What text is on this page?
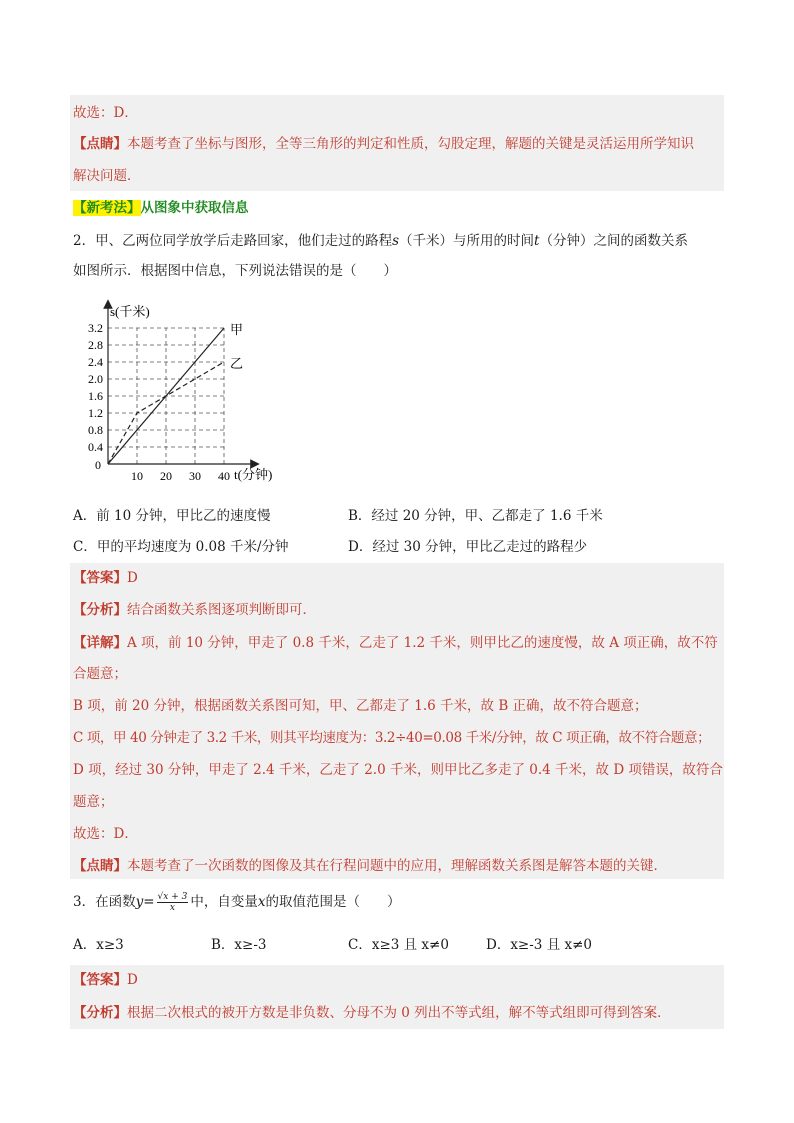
故选：D．
【点睛】本题考查了坐标与图形，全等三角形的判定和性质，勾股定理，解题的关键是灵活运用所学知识
解决问题．
【新考法】从图象中获取信息
2．甲、乙两位同学放学后走路回家，他们走过的路程s（千米）与所用的时间t（分钟）之间的函数关系
如图所示．根据图中信息，下列说法错误的是（　　）
0.4
0.8
1.2
1.6
2.0
2.4
2.8
3.2
10 20 30 40
甲
乙
s(千米)
t(分钟)
0
A．前 10 分钟，甲比乙的速度慢	B．经过 20 分钟，甲、乙都走了 1.6 千米
C．甲的平均速度为 0.08 千米/分钟	D．经过 30 分钟，甲比乙走过的路程少
【答案】D
【分析】结合函数关系图逐项判断即可．
【详解】A 项，前 10 分钟，甲走了 0.8 千米，乙走了 1.2 千米，则甲比乙的速度慢，故 A 项正确，故不符
合题意；
B 项，前 20 分钟，根据函数关系图可知，甲、乙都走了 1.6 千米，故 B 正确，故不符合题意；
C 项，甲 40 分钟走了 3.2 千米，则其平均速度为：3.2÷40=0.08 千米/分钟，故 C 项正确，故不符合题意；
D 项，经过 30 分钟，甲走了 2.4 千米，乙走了 2.0 千米，则甲比乙多走了 0.4 千米，故 D 项错误，故符合
题意；
故选：D．
【点睛】本题考查了一次函数的图像及其在行程问题中的应用，理解函数关系图是解答本题的关键．
3．在函数$y= \frac{√x + 3}{x}$ 中，自变量x的取值范围是（　　）
A．x≥3	B．x≥-3	C．x≥3 且 x≠0	D．x≥-3 且 x≠0
【答案】D
【分析】根据二次根式的被开方数是非负数、分母不为 0 列出不等式组，解不等式组即可得到答案．
